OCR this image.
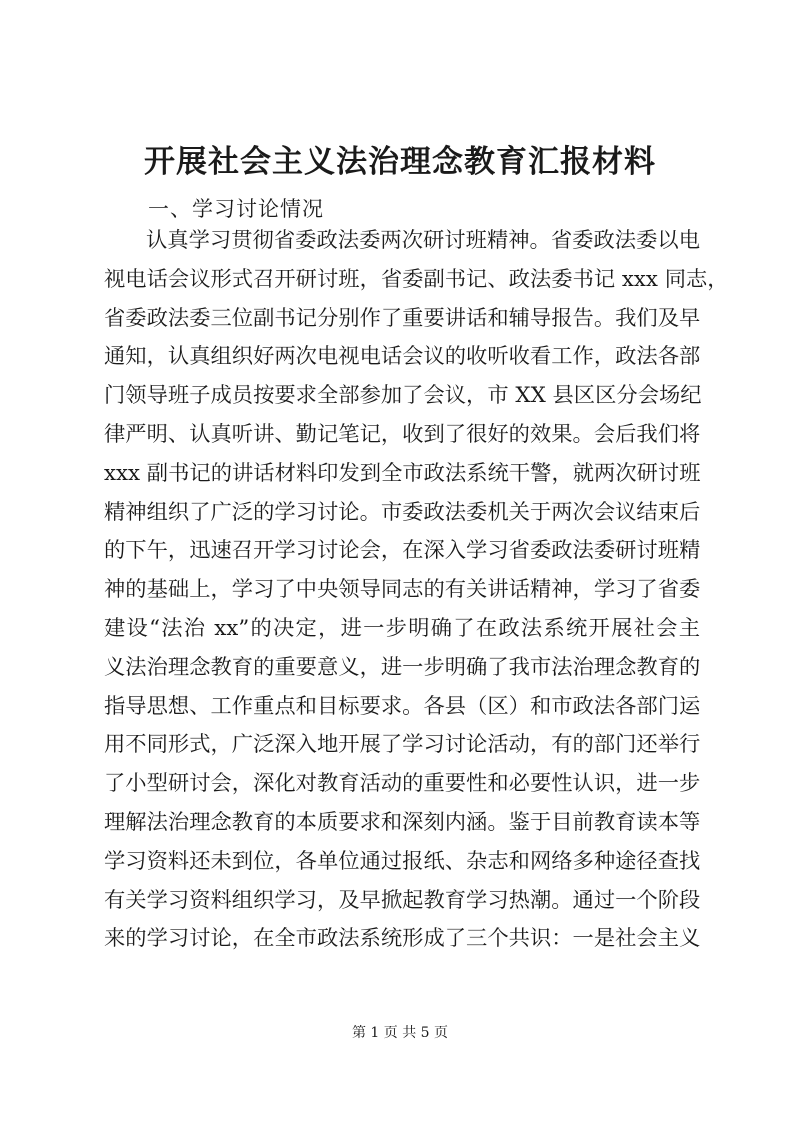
开展社会主义法治理念教育汇报材料

一、学习讨论情况

认真学习贯彻省委政法委两次研讨班精神。省委政法委以电
视电话会议形式召开研讨班，省委副书记、政法委书记 xxx 同志，
省委政法委三位副书记分别作了重要讲话和辅导报告。我们及早
通知，认真组织好两次电视电话会议的收听收看工作，政法各部
门领导班子成员按要求全部参加了会议，市 XX 县区区分会场纪
律严明、认真听讲、勤记笔记，收到了很好的效果。会后我们将
xxx 副书记的讲话材料印发到全市政法系统干警，就两次研讨班
精神组织了广泛的学习讨论。市委政法委机关于两次会议结束后
的下午，迅速召开学习讨论会，在深入学习省委政法委研讨班精
神的基础上，学习了中央领导同志的有关讲话精神，学习了省委
建设“法治 xx”的决定，进一步明确了在政法系统开展社会主
义法治理念教育的重要意义，进一步明确了我市法治理念教育的
指导思想、工作重点和目标要求。各县（区）和市政法各部门运
用不同形式，广泛深入地开展了学习讨论活动，有的部门还举行
了小型研讨会，深化对教育活动的重要性和必要性认识，进一步
理解法治理念教育的本质要求和深刻内涵。鉴于目前教育读本等
学习资料还未到位，各单位通过报纸、杂志和网络多种途径查找
有关学习资料组织学习，及早掀起教育学习热潮。通过一个阶段
来的学习讨论，在全市政法系统形成了三个共识：一是社会主义

第 1 页 共 5 页
